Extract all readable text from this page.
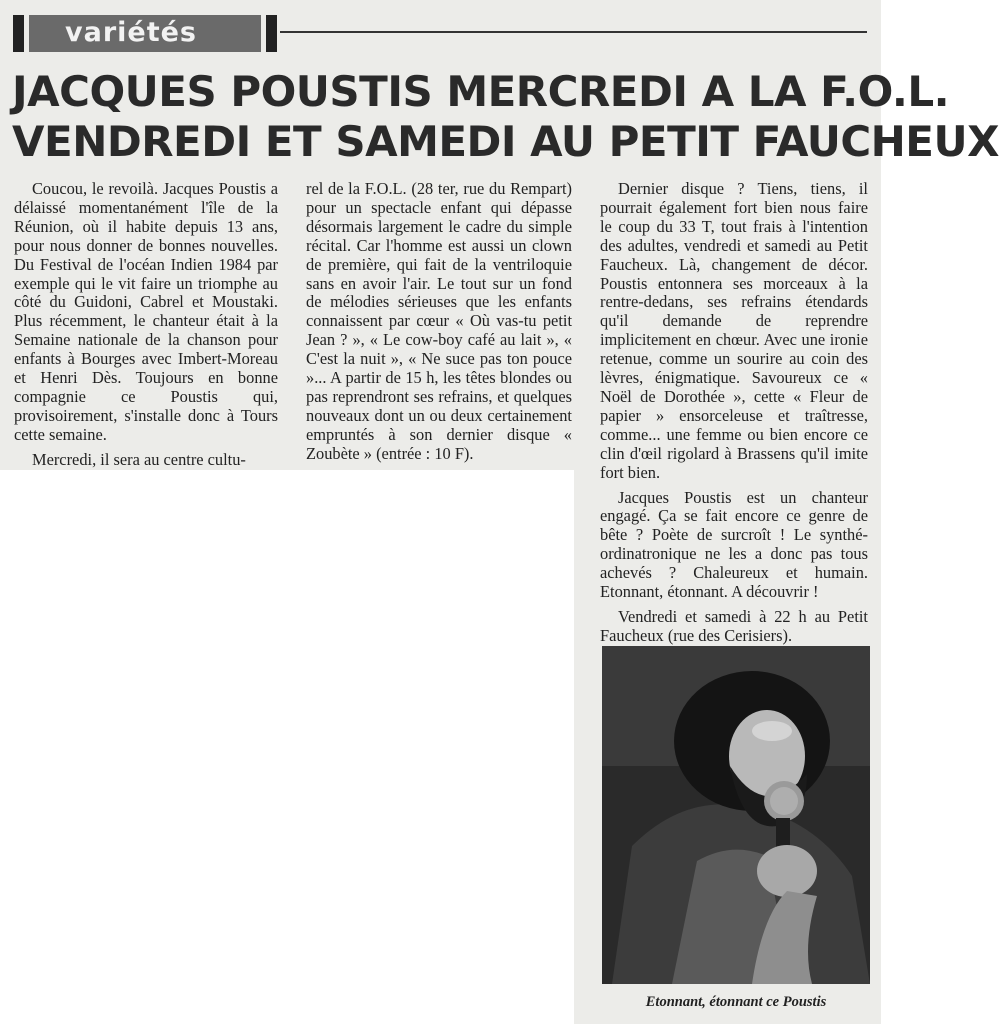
variétés
JACQUES POUSTIS MERCREDI A LA F.O.L.
VENDREDI ET SAMEDI AU PETIT FAUCHEUX

Coucou, le revoilà. Jacques Poustis a délaissé momentanément l'île de la Réunion, où il habite depuis 13 ans, pour nous donner de bonnes nouvelles. Du Festival de l'océan Indien 1984 par exemple qui le vit faire un triomphe au côté du Guidoni, Cabrel et Moustaki. Plus récemment, le chanteur était à la Semaine nationale de la chanson pour enfants à Bourges avec Imbert-Moreau et Henri Dès. Toujours en bonne compagnie ce Poustis qui, provisoirement, s'installe donc à Tours cette semaine.

Mercredi, il sera au centre cultu-

rel de la F.O.L. (28 ter, rue du Rempart) pour un spectacle enfant qui dépasse désormais largement le cadre du simple récital. Car l'homme est aussi un clown de première, qui fait de la ventriloquie sans en avoir l'air. Le tout sur un fond de mélodies sérieuses que les enfants connaissent par cœur « Où vas-tu petit Jean ? », « Le cow-boy café au lait », « C'est la nuit », « Ne suce pas ton pouce »... A partir de 15 h, les têtes blondes ou pas reprendront ses refrains, et quelques nouveaux dont un ou deux certainement empruntés à son dernier disque « Zoubète » (entrée : 10 F).

Dernier disque ? Tiens, tiens, il pourrait également fort bien nous faire le coup du 33 T, tout frais à l'intention des adultes, vendredi et samedi au Petit Faucheux. Là, changement de décor. Poustis entonnera ses morceaux à la rentre-dedans, ses refrains étendards qu'il demande de reprendre implicitement en chœur. Avec une ironie retenue, comme un sourire au coin des lèvres, énigmatique. Savoureux ce « Noël de Dorothée », cette « Fleur de papier » ensorceleuse et traîtresse, comme... une femme ou bien encore ce clin d'œil rigolard à Brassens qu'il imite fort bien.

Jacques Poustis est un chanteur engagé. Ça se fait encore ce genre de bête ? Poète de surcroît ! Le synthé-ordinatronique ne les a donc pas tous achevés ? Chaleureux et humain. Etonnant, étonnant. A découvrir !

Vendredi et samedi à 22 h au Petit Faucheux (rue des Cerisiers).

Etonnant, étonnant ce Poustis
